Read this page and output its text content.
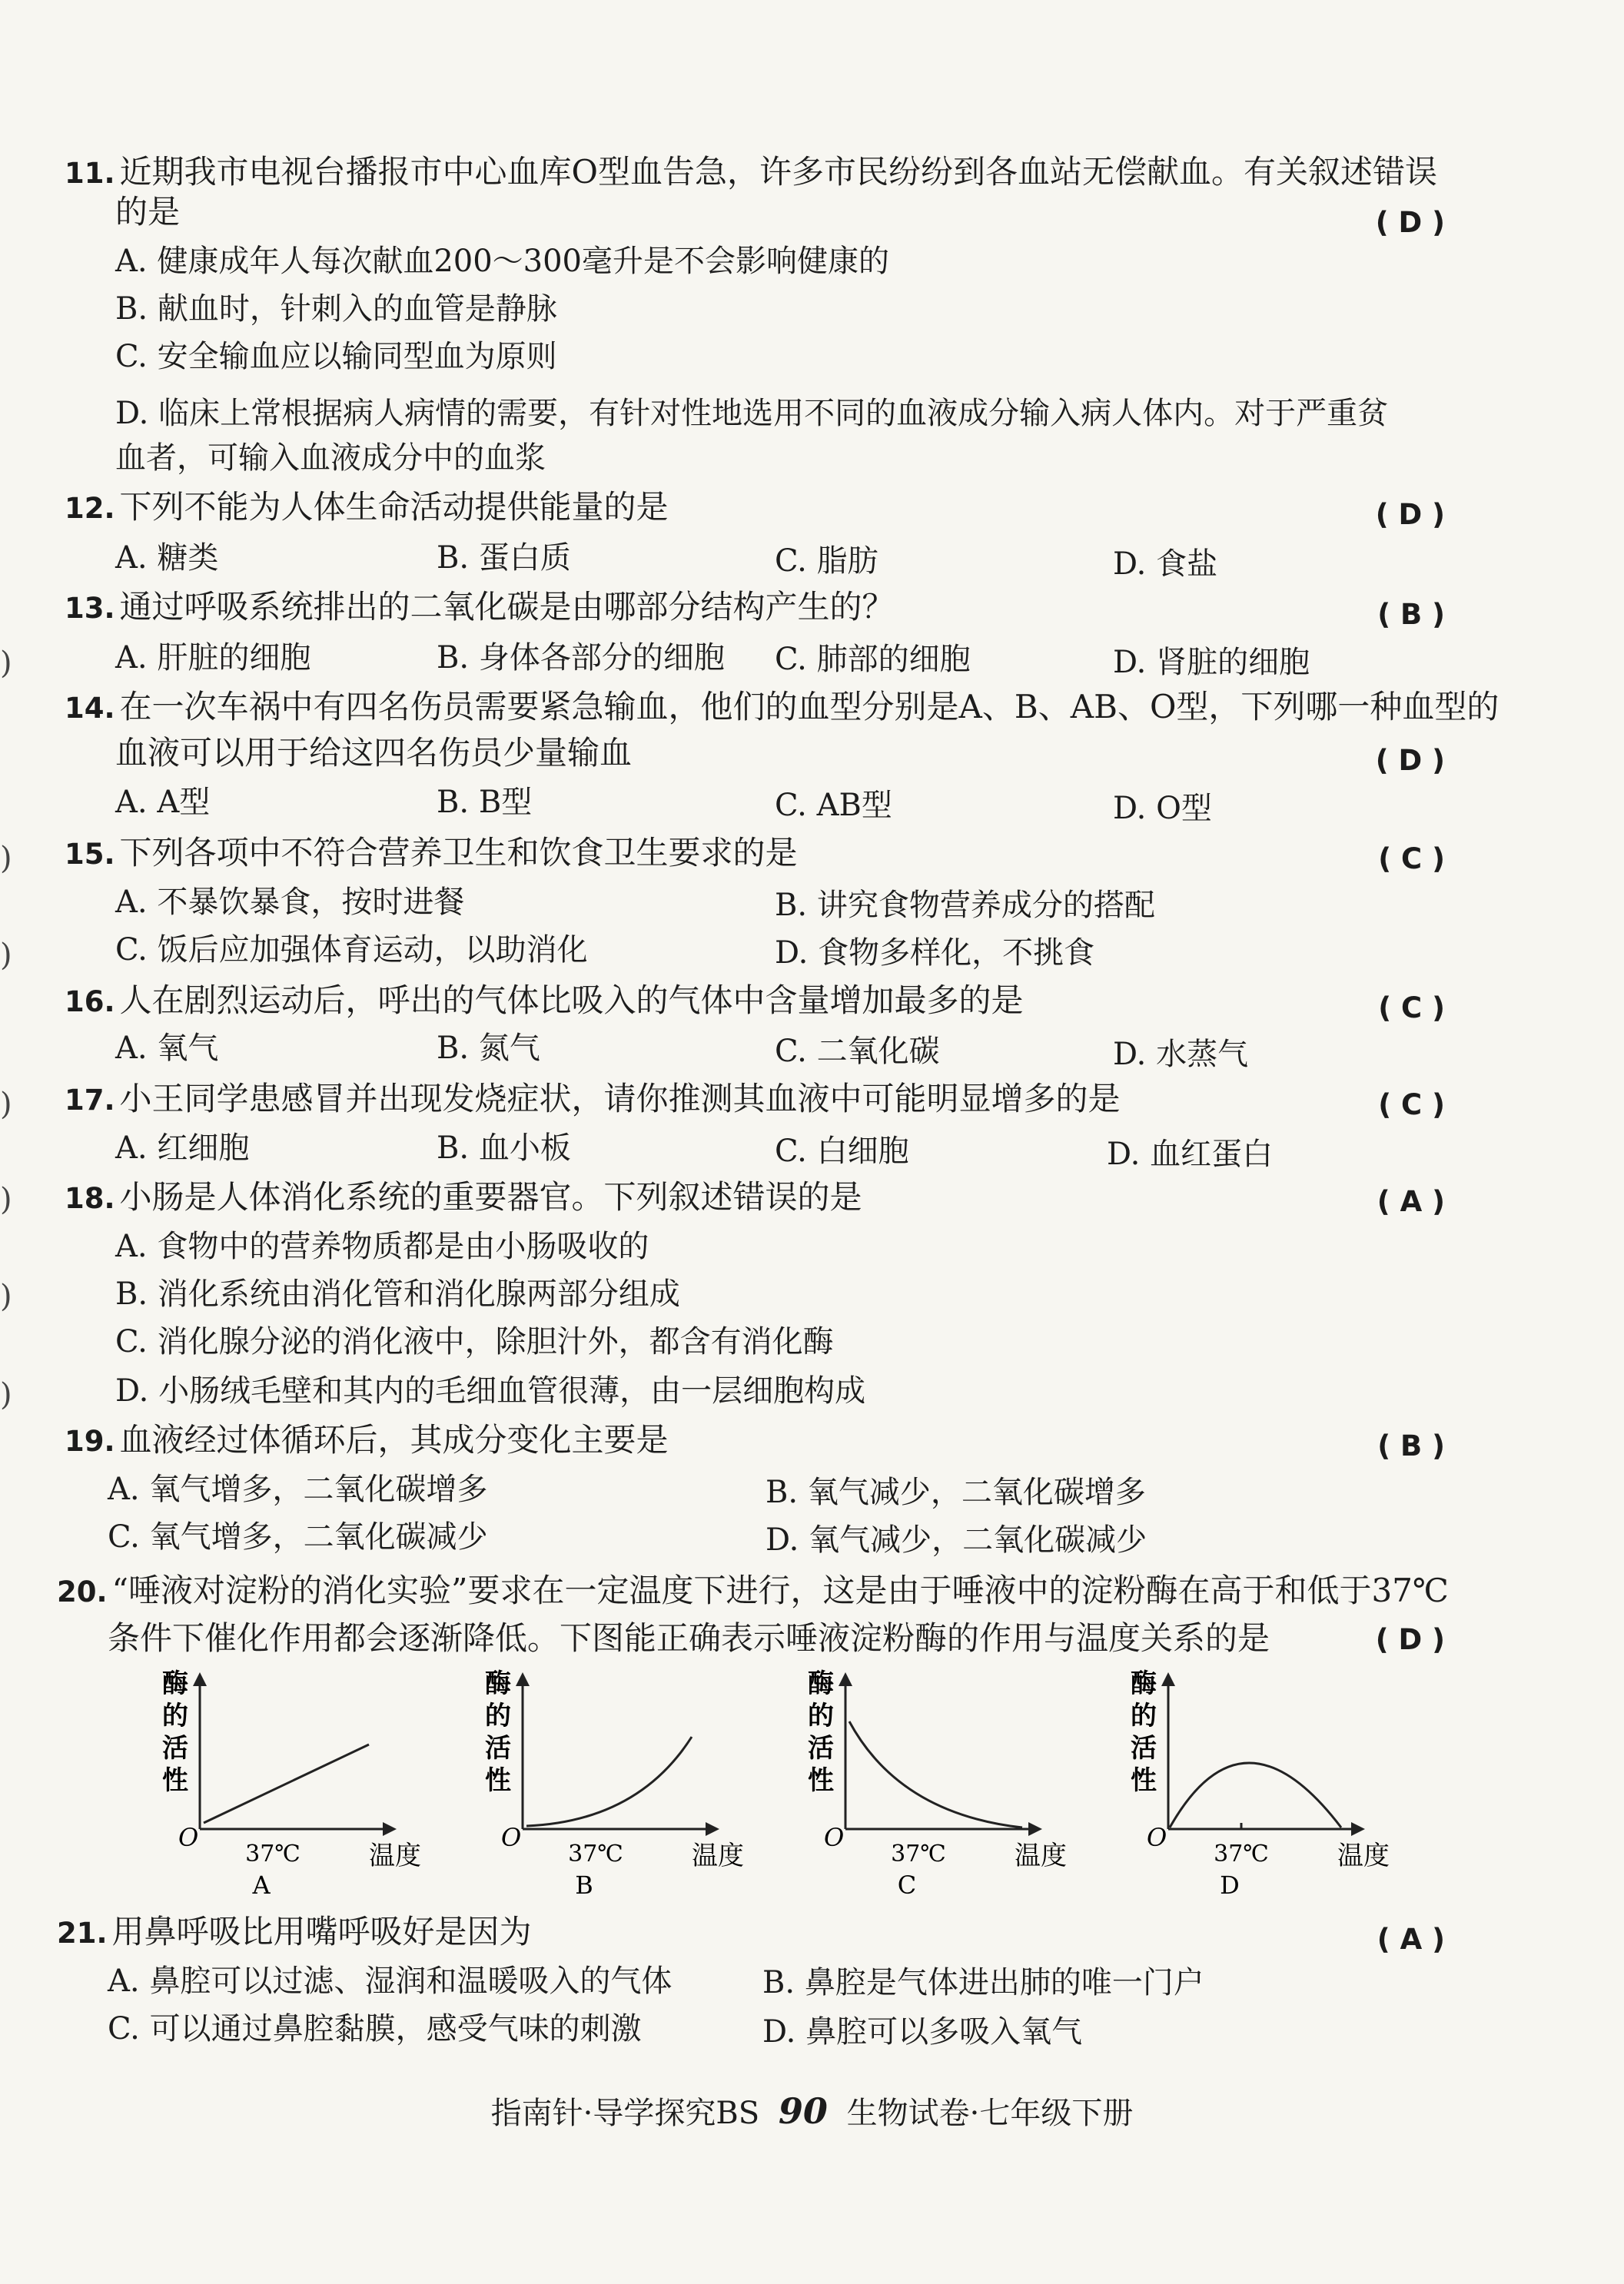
11. 近期我市电视台播报市中心血库O型血告急，许多市民纷纷到各血站无偿献血。有关叙述错误
的是	( D )
A. 健康成年人每次献血200～300毫升是不会影响健康的
B. 献血时，针刺入的血管是静脉
C. 安全输血应以输同型血为原则
D. 临床上常根据病人病情的需要，有针对性地选用不同的血液成分输入病人体内。对于严重贫
血者，可输入血液成分中的血浆
12. 下列不能为人体生命活动提供能量的是	( D )
A. 糖类	B. 蛋白质	C. 脂肪	D. 食盐
13. 通过呼吸系统排出的二氧化碳是由哪部分结构产生的？	( B )
A. 肝脏的细胞	B. 身体各部分的细胞 C. 肺部的细胞	D. 肾脏的细胞
14. 在一次车祸中有四名伤员需要紧急输血，他们的血型分别是A、B、AB、O型，下列哪一种血型的
血液可以用于给这四名伤员少量输血	( D )
A. A型	B. B型	C. AB型	D. O型
15. 下列各项中不符合营养卫生和饮食卫生要求的是	( C )
A. 不暴饮暴食，按时进餐	B. 讲究食物营养成分的搭配
C. 饭后应加强体育运动，以助消化	D. 食物多样化，不挑食
16. 人在剧烈运动后，呼出的气体比吸入的气体中含量增加最多的是	( C )
A. 氧气	B. 氮气	C. 二氧化碳	D. 水蒸气
17. 小王同学患感冒并出现发烧症状，请你推测其血液中可能明显增多的是	( C )
A. 红细胞	B. 血小板	C. 白细胞	D. 血红蛋白
18. 小肠是人体消化系统的重要器官。下列叙述错误的是	( A )
A. 食物中的营养物质都是由小肠吸收的
B. 消化系统由消化管和消化腺两部分组成
C. 消化腺分泌的消化液中，除胆汁外，都含有消化酶
D. 小肠绒毛壁和其内的毛细血管很薄，由一层细胞构成
19. 血液经过体循环后，其成分变化主要是	( B )
A. 氧气增多，二氧化碳增多	B. 氧气减少，二氧化碳增多
C. 氧气增多，二氧化碳减少	D. 氧气减少，二氧化碳减少
20. “唾液对淀粉的消化实验”要求在一定温度下进行，这是由于唾液中的淀粉酶在高于和低于37℃
条件下催化作用都会逐渐降低。下图能正确表示唾液淀粉酶的作用与温度关系的是	( D )
酶
的
活
性
O
37℃	温度
A
酶
的
活
性
O
37℃	温度
B
酶
的
活
性
O
37℃	温度
C
酶
的
活
性
O
37℃	温度
D
21. 用鼻呼吸比用嘴呼吸好是因为	( A )
A. 鼻腔可以过滤、湿润和温暖吸入的气体	B. 鼻腔是气体进出肺的唯一门户
C. 可以通过鼻腔黏膜，感受气味的刺激	D. 鼻腔可以多吸入氧气
指南针·导学探究BS 90 生物试卷·七年级下册
)
)
)
)
)
)
)
